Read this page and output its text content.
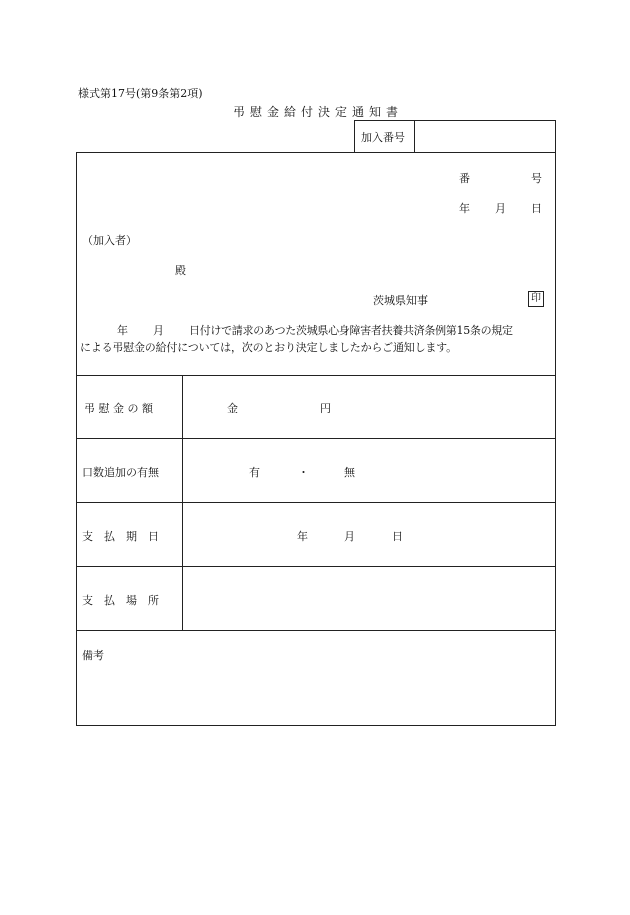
様式第17号(第9条第2項)
弔慰金給付決定通知書
加入番号
番	号
年 月 日
（加入者）
殿
茨城県知事	印
年 月 日付けで請求のあつた茨城県心身障害者扶養共済条例第15条の規定
による弔慰金の給付については，次のとおり決定しましたからご通知します。
弔 慰 金 の 額	金	円
口数追加の有無	有	・	無
支　払　期　日	年	月	日
支　払　場　所
備考
